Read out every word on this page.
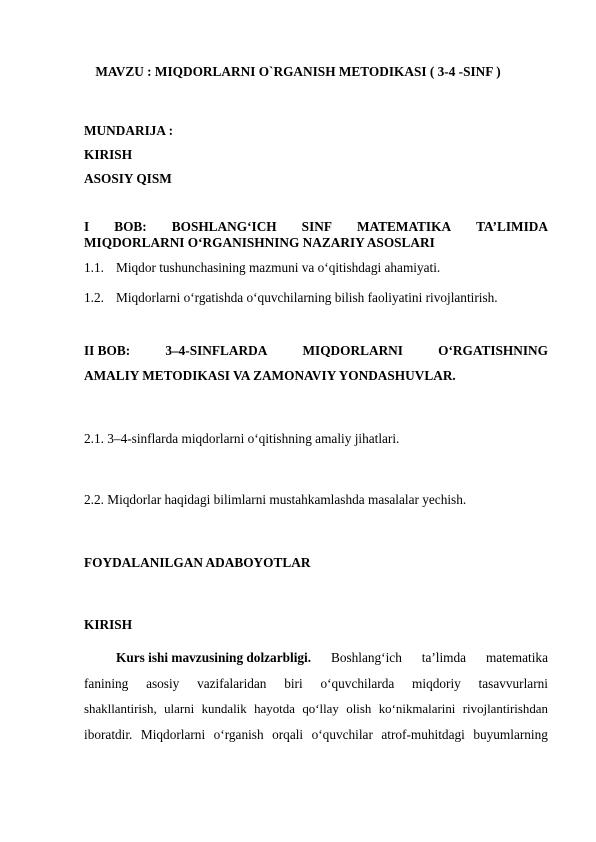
MAVZU : MIQDORLARNI O`RGANISH METODIKASI ( 3-4 -SINF )
MUNDARIJA :
KIRISH
ASOSIY QISM
I BOB: BOSHLANG‘ICH SINF MATEMATIKA TA’LIMIDA
MIQDORLARNI O‘RGANISHNING NAZARIY ASOSLARI
1.1. Miqdor tushunchasining mazmuni va o‘qitishdagi ahamiyati.
1.2. Miqdorlarni o‘rgatishda o‘quvchilarning bilish faoliyatini rivojlantirish.
II BOB:	3–4-SINFLARDA	MIQDORLARNI	O‘RGATISHNING
AMALIY METODIKASI VA ZAMONAVIY YONDASHUVLAR.
2.1. 3–4-sinflarda miqdorlarni o‘qitishning amaliy jihatlari.
2.2. Miqdorlar haqidagi bilimlarni mustahkamlashda masalalar yechish.
FOYDALANILGAN ADABOYOTLAR
KIRISH
Kurs ishi mavzusining dolzarbligi. Boshlang‘ich ta’limda matematika
fanining asosiy vazifalaridan biri o‘quvchilarda miqdoriy tasavvurlarni
shakllantirish, ularni kundalik hayotda qo‘llay olish ko‘nikmalarini rivojlantirishdan
iboratdir. Miqdorlarni o‘rganish orqali o‘quvchilar atrof-muhitdagi buyumlarning
